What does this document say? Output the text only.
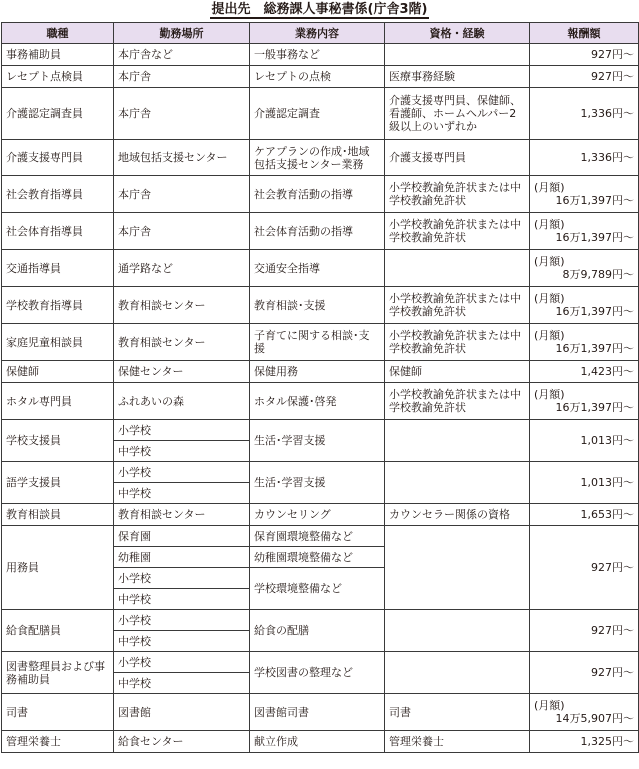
提出先　総務課人事秘書係(庁舎3階)
職種	勤務場所	業務内容	資格・経験	報酬額
事務補助員	本庁舎など	一般事務など		927円〜
レセプト点検員	本庁舎	レセプトの点検	医療事務経験	927円〜
介護認定調査員	本庁舎	介護認定調査	介護支援専門員、保健師、看護師、ホームヘルパー2級以上のいずれか	1,336円〜
介護支援専門員	地域包括支援センター	ケアプランの作成･地域包括支援センター業務	介護支援専門員	1,336円〜
社会教育指導員	本庁舎	社会教育活動の指導	小学校教諭免許状または中学校教諭免許状	(月額)
16万1,397円〜

社会体育指導員	本庁舎	社会体育活動の指導	小学校教諭免許状または中学校教諭免許状	(月額)
16万1,397円〜

交通指導員	通学路など	交通安全指導		(月額)
8万9,789円〜

学校教育指導員	教育相談センター	教育相談･支援	小学校教諭免許状または中学校教諭免許状	(月額)
16万1,397円〜

家庭児童相談員	教育相談センター	子育てに関する相談･支援	小学校教諭免許状または中学校教諭免許状	(月額)
16万1,397円〜

保健師	保健センター	保健用務	保健師	1,423円〜
ホタル専門員	ふれあいの森	ホタル保護･啓発	小学校教諭免許状または中学校教諭免許状	(月額)
16万1,397円〜

学校支援員	小学校	生活･学習支援		1,013円〜
	中学校			
語学支援員	小学校	生活･学習支援		1,013円〜
	中学校			
教育相談員	教育相談センター	カウンセリング	カウンセラー関係の資格	1,653円〜
用務員	保育園	保育園環境整備など		927円〜
	幼稚園	幼稚園環境整備など		
	小学校	学校環境整備など		
	中学校			
給食配膳員	小学校	給食の配膳		927円〜
	中学校			
図書整理員および事務補助員	小学校	学校図書の整理など		927円〜
	中学校			
司書	図書館	図書館司書	司書	(月額)
14万5,907円〜

管理栄養士	給食センター	献立作成	管理栄養士	1,325円〜
